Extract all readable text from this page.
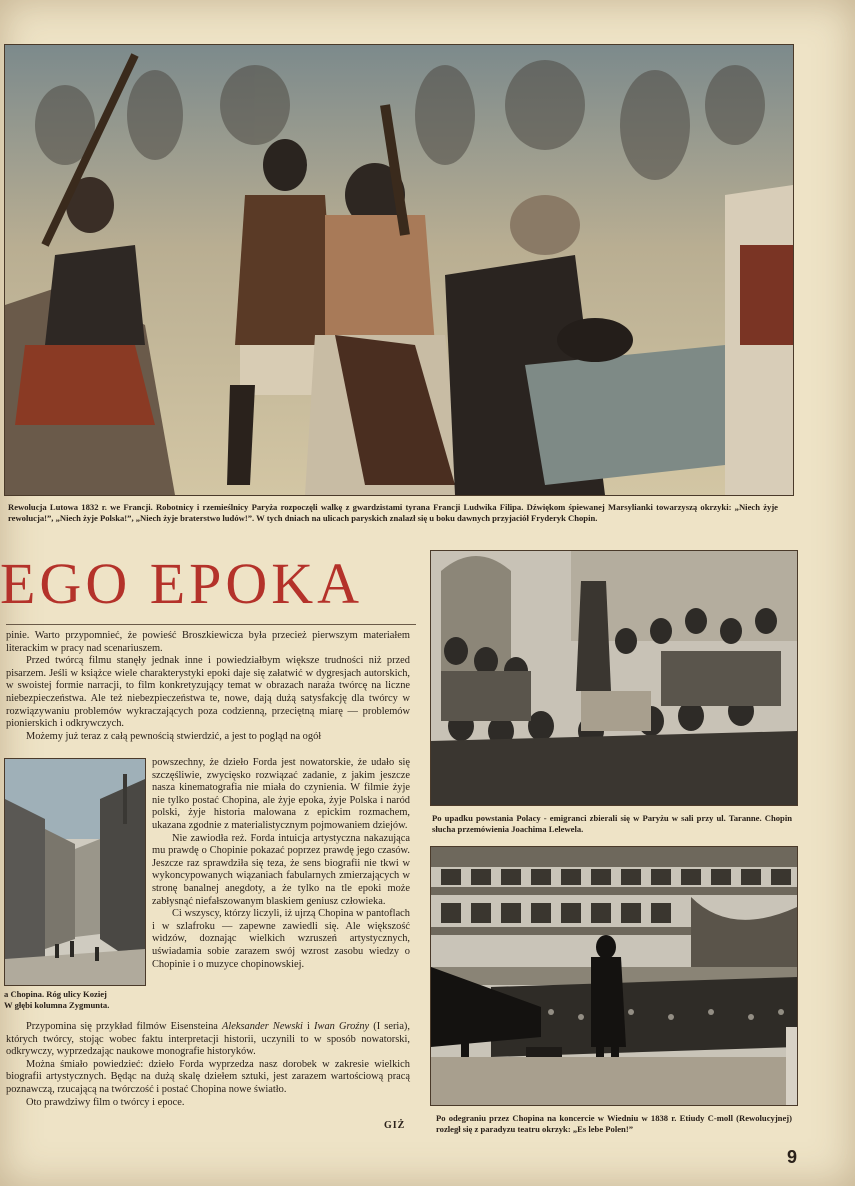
Rewolucja Lutowa 1832 r. we Francji. Robotnicy i rzemieślnicy Paryża rozpoczęli walkę z gwardzistami tyrana Francji Ludwika Filipa. Dźwiękom śpiewanej Marsylianki towarzyszą okrzyki: „Niech żyje rewolucja!”, „Niech żyje Polska!”, „Niech żyje braterstwo ludów!”. W tych dniach na ulicach paryskich znalazł się u boku dawnych przyjaciół Fryderyk Chopin.

EGO EPOKA

a Chopina. Róg ulicy Koziej
W głębi kolumna Zygmunta.

pinie. Warto przypomnieć, że powieść Broszkiewicza była przecież pierwszym materiałem literackim w pracy nad scenariuszem.

Przed twórcą filmu stanęły jednak inne i powiedziałbym większe trudności niż przed pisarzem. Jeśli w książce wiele charakterystyki epoki daje się załatwić w dygresjach autorskich, w swoistej formie narracji, to film konkretyzujący temat w obrazach naraża twórcę na liczne niebezpieczeństwa. Ale też niebezpieczeństwa te, nowe, dają dużą satysfakcję dla twórcy w rozwiązywaniu problemów wykraczających poza codzienną, przeciętną miarę — problemów pionierskich i odkrywczych.

Możemy już teraz z całą pewnością stwierdzić, a jest to pogląd na ogół

powszechny, że dzieło Forda jest nowatorskie, że udało się szczęśliwie, zwycięsko rozwiązać zadanie, z jakim jeszcze nasza kinematografia nie miała do czynienia. W filmie żyje nie tylko postać Chopina, ale żyje epoka, żyje Polska i naród polski, żyje historia malowana z epickim rozmachem, ukazana zgodnie z materialistycznym pojmowaniem dziejów.

Nie zawiodła reż. Forda intuicja artystyczna nakazująca mu prawdę o Chopinie pokazać poprzez prawdę jego czasów. Jeszcze raz sprawdziła się teza, że sens biografii nie tkwi w wykoncypowanych wiązaniach fabularnych zmierzających w stronę banalnej anegdoty, a że tylko na tle epoki może zabłysnąć niefałszowanym blaskiem geniusz człowieka.

Ci wszyscy, którzy liczyli, iż ujrzą Chopina w pantoflach i w szlafroku — zapewne zawiedli się. Ale większość widzów, doznając wielkich wzruszeń artystycznych, uświadamia sobie zarazem swój wzrost zasobu wiedzy o Chopinie i o muzyce chopinowskiej.

Przypomina się przykład filmów Eisensteina Aleksander Newski i Iwan Groźny (I seria), których twórcy, stojąc wobec faktu interpretacji historii, uczynili to w sposób nowatorski, odkrywczy, wyprzedzając naukowe monografie historyków.

Można śmiało powiedzieć: dzieło Forda wyprzedza nasz dorobek w zakresie wielkich biografii artystycznych. Będąc na dużą skalę dziełem sztuki, jest zarazem wartościową pracą poznawczą, rzucającą na twórczość i postać Chopina nowe światło.

Oto prawdziwy film o twórcy i epoce.

GIŻ

Po upadku powstania Polacy - emigranci zbierali się w Paryżu w sali przy ul. Taranne. Chopin słucha przemówienia Joachima Lelewela.

Po odegraniu przez Chopina na koncercie w Wiedniu w 1838 r. Etiudy C-moll (Rewolucyjnej) rozległ się z paradyzu teatru okrzyk: „Es lebe Polen!”

9
